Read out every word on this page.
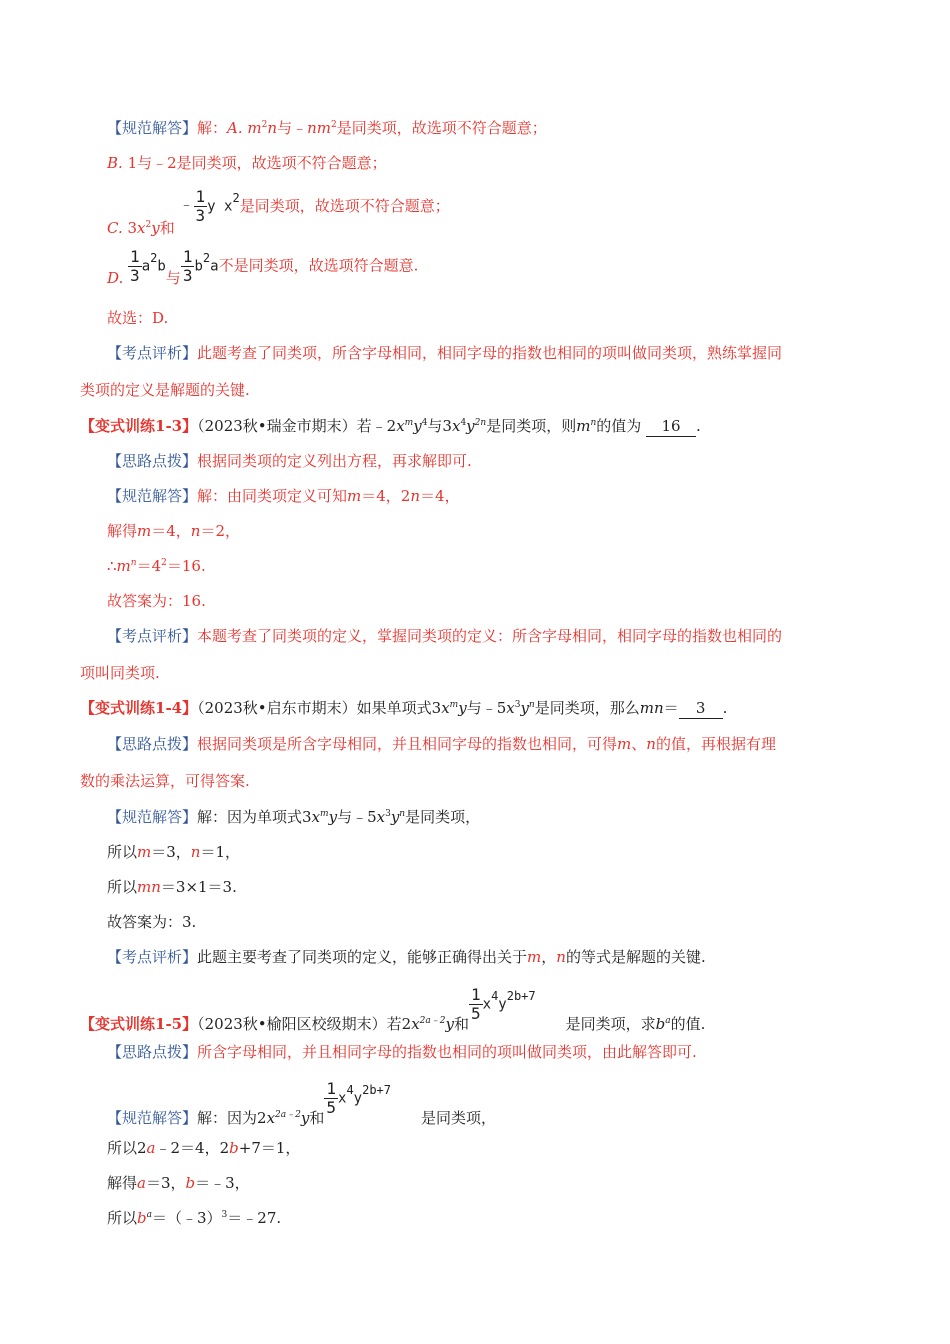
【规范解答】解：A. $m^2n$与$﹣nm^2$是同类项，故选项不符合题意；
B. 1与﹣2是同类项，故选项不符合题意；
C. $3x^2y$和 ﹣ $\frac{1}{3}$ y $x^2$是同类项，故选项不符合题意；
D. $\frac{1}{3} a^2b$与 $\frac{1}{3} b^2a$不是同类项，故选项符合题意.
故选：D.
【考点评析】此题考查了同类项，所含字母相同，相同字母的指数也相同的项叫做同类项，熟练掌握同
类项的定义是解题的关键.
【变式训练1-3】（2023秋•瑞金市期末）若$﹣2x^my^4$与$3x^4y^{2n}$是同类项，则$m^n$的值为 16 .
【思路点拨】根据同类项的定义列出方程，再求解即可.
【规范解答】解：由同类项定义可知m＝4，2n＝4，
解得m＝4，n＝2，
$\therefore m^n=4^2=16$.
故答案为：16.
【考点评析】本题考查了同类项的定义，掌握同类项的定义：所含字母相同，相同字母的指数也相同的
项叫同类项.
【变式训练1-4】（2023秋•启东市期末）如果单项式$3x^my$与$﹣5x^3y^n$是同类项，那么mn＝ 3 .
【思路点拨】根据同类项是所含字母相同，并且相同字母的指数也相同，可得m、n的值，再根据有理
数的乘法运算，可得答案.
【规范解答】解：因为单项式$3x^my$与$﹣5x^3y^n$是同类项，
所以m＝3，n＝1，
所以mn＝3×1＝3.
故答案为：3.
【考点评析】此题主要考查了同类项的定义，能够正确得出关于m，n的等式是解题的关键.
【变式训练1-5】（2023秋•榆阳区校级期末）若$2x^{2a﹣2}y$和
$\frac{1}{5} x^4y^{2b+7}$是同类项，求$b^a$的值.
【思路点拨】所含字母相同，并且相同字母的指数也相同的项叫做同类项，由此解答即可.
【规范解答】解：因为$2x^{2a﹣2}y$和
$\frac{1}{5} x^4y^{2b+7}$是同类项，
所以2a﹣2＝4，2b+7＝1，
解得a＝3，b＝﹣3，
所以$b^a=(﹣3)^3=﹣27$.
